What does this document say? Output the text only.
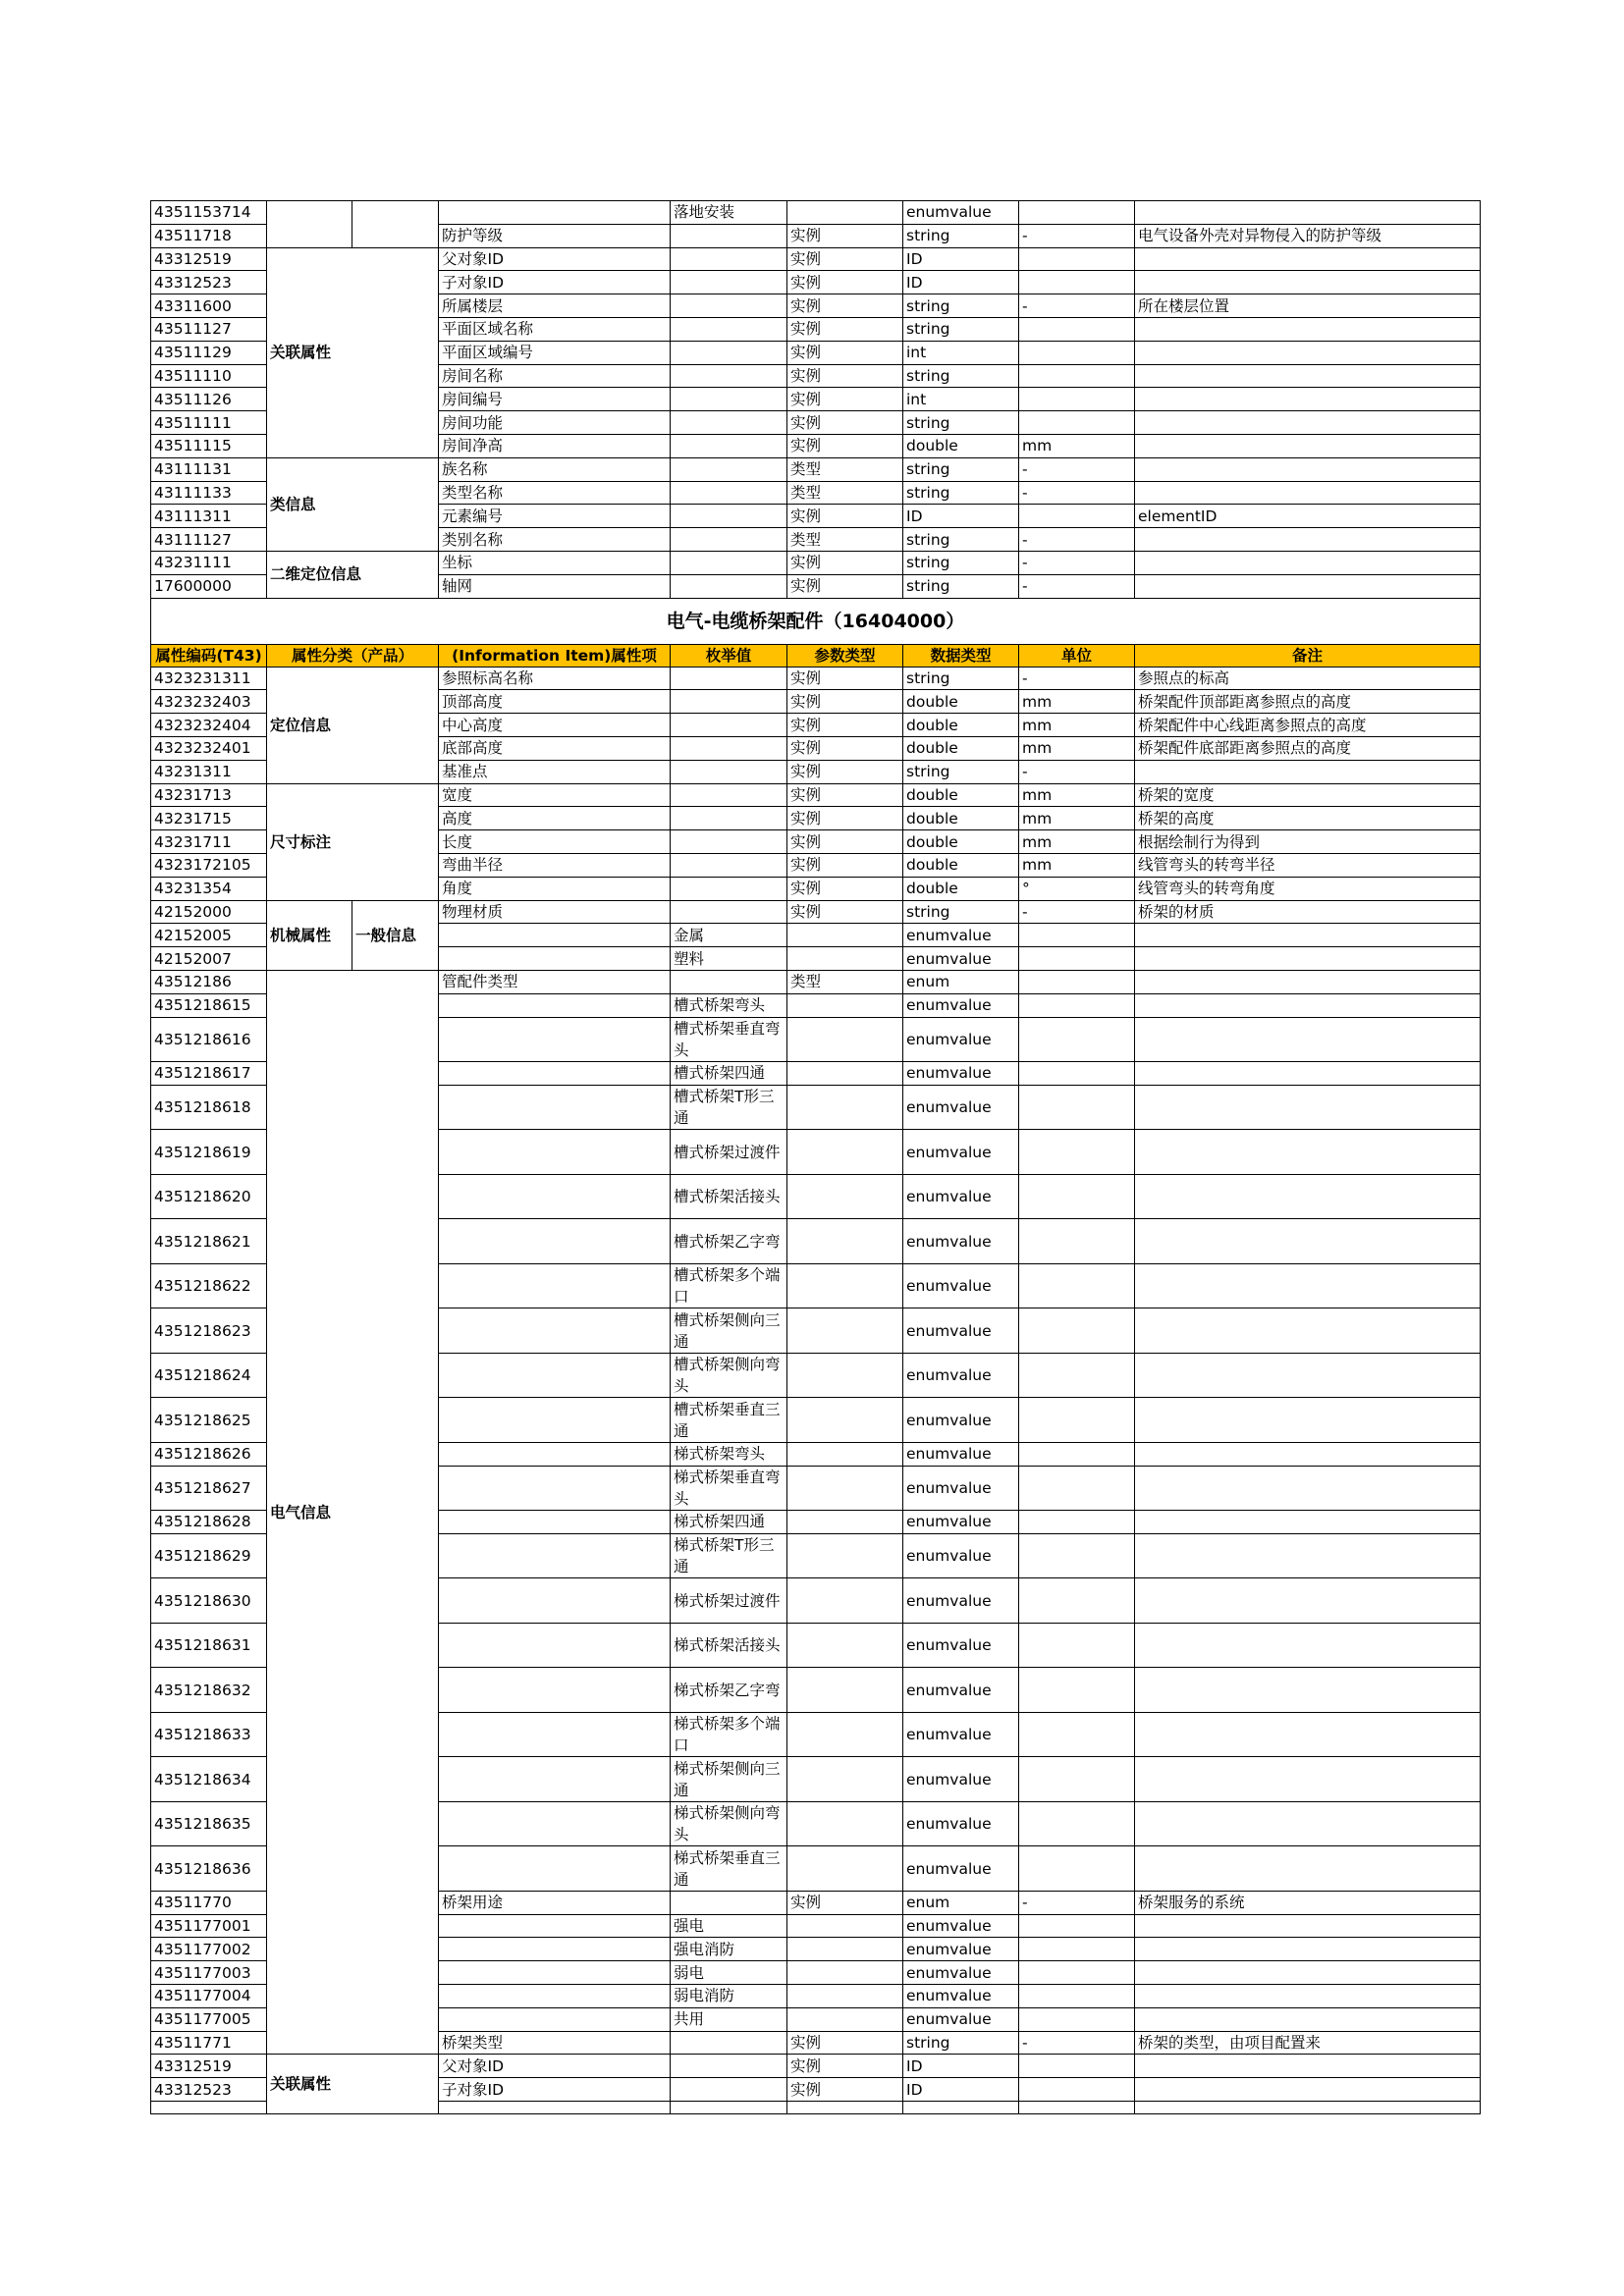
4351153714				落地安装		enumvalue			
43511718			防护等级		实例	string	-	电气设备外壳对异物侵入的防护等级	
43312519	关联属性		父对象ID		实例	ID			
43312523			子对象ID		实例	ID			
43311600			所属楼层		实例	string	-	所在楼层位置	
43511127			平面区域名称		实例	string			
43511129			平面区域编号		实例	int			
43511110			房间名称		实例	string			
43511126			房间编号		实例	int			
43511111			房间功能		实例	string			
43511115			房间净高		实例	double	mm		
43111131	类信息		族名称		类型	string	-		
43111133			类型名称		类型	string	-		
43111311			元素编号		实例	ID		elementID	
43111127			类别名称		类型	string	-		
43231111	二维定位信息		坐标		实例	string	-		
17600000			轴网		实例	string	-		
电气-电缆桥架配件（16404000）									
属性编码(T43)	属性分类（产品）		(Information Item)属性项	枚举值	参数类型	数据类型	单位	备注	
4323231311	定位信息		参照标高名称		实例	string	-	参照点的标高	
4323232403			顶部高度		实例	double	mm	桥架配件顶部距离参照点的高度	
4323232404			中心高度		实例	double	mm	桥架配件中心线距离参照点的高度	
4323232401			底部高度		实例	double	mm	桥架配件底部距离参照点的高度	
43231311			基准点		实例	string	-		
43231713	尺寸标注		宽度		实例	double	mm	桥架的宽度	
43231715			高度		实例	double	mm	桥架的高度	
43231711			长度		实例	double	mm	根据绘制行为得到	
4323172105			弯曲半径		实例	double	mm	线管弯头的转弯半径	
43231354			角度		实例	double	°	线管弯头的转弯角度	
42152000	机械属性	一般信息	物理材质		实例	string	-	桥架的材质	
42152005				金属		enumvalue			
42152007				塑料		enumvalue			
43512186	电气信息		管配件类型		类型	enum			
4351218615				槽式桥架弯头		enumvalue			
4351218616				槽式桥架垂直弯头		enumvalue			
4351218617				槽式桥架四通		enumvalue			
4351218618				槽式桥架T形三通		enumvalue			
4351218619				槽式桥架过渡件		enumvalue			
4351218620				槽式桥架活接头		enumvalue			
4351218621				槽式桥架乙字弯		enumvalue			
4351218622				槽式桥架多个端口		enumvalue			
4351218623				槽式桥架侧向三通		enumvalue			
4351218624				槽式桥架侧向弯头		enumvalue			
4351218625				槽式桥架垂直三通		enumvalue			
4351218626				梯式桥架弯头		enumvalue			
4351218627				梯式桥架垂直弯头		enumvalue			
4351218628				梯式桥架四通		enumvalue			
4351218629				梯式桥架T形三通		enumvalue			
4351218630				梯式桥架过渡件		enumvalue			
4351218631				梯式桥架活接头		enumvalue			
4351218632				梯式桥架乙字弯		enumvalue			
4351218633				梯式桥架多个端口		enumvalue			
4351218634				梯式桥架侧向三通		enumvalue			
4351218635				梯式桥架侧向弯头		enumvalue			
4351218636				梯式桥架垂直三通		enumvalue			
43511770			桥架用途		实例	enum	-	桥架服务的系统	
4351177001				强电		enumvalue			
4351177002				强电消防		enumvalue			
4351177003				弱电		enumvalue			
4351177004				弱电消防		enumvalue			
4351177005				共用		enumvalue			
43511771			桥架类型		实例	string	-	桥架的类型，由项目配置来	
43312519	关联属性		父对象ID		实例	ID			
43312523			子对象ID		实例	ID			
